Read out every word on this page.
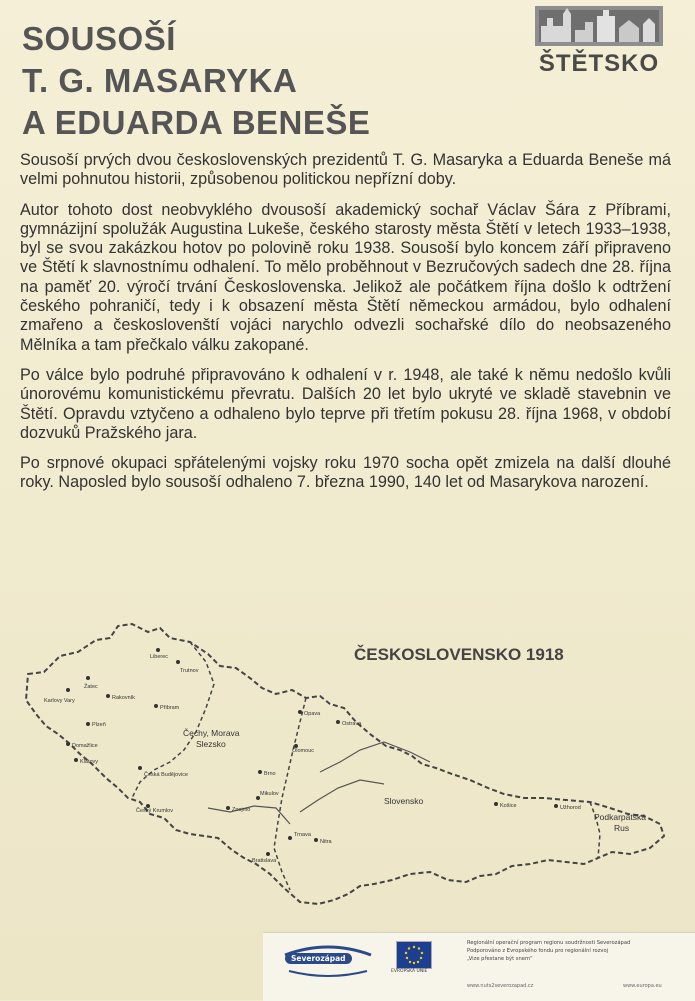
SOUSOŠÍ
T. G. MASARYKA
A EDUARDA BENEŠE
ŠTĚTSKO

Sousoší prvých dvou československých prezidentů T. G. Masaryka a Eduarda Beneše má velmi pohnutou historii, způsobenou politickou nepřízní doby.

Autor tohoto dost neobvyklého dvousoší akademický sochař Václav Šára z Příbrami, gymnázijní spolužák Augustina Lukeše, českého starosty města Štětí v letech 1933–1938, byl se svou zakázkou hotov po polovině roku 1938. Sousoší bylo koncem září připraveno ve Štětí k slavnostnímu odhalení. To mělo proběhnout v Bezručových sadech dne 28. října na paměť 20. výročí trvání Československa. Jelikož ale počátkem října došlo k odtržení českého pohraničí, tedy i k obsazení města Štětí německou armádou, bylo odhalení zmařeno a českoslovenští vojáci narychlo odvezli sochařské dílo do neobsazeného Mělníka a tam přečkalo válku zakopané.

Po válce bylo podruhé připravováno k odhalení v r. 1948, ale také k němu nedošlo kvůli únorovému komunistickému převratu. Dalších 20 let bylo ukryté ve skladě stavebnin ve Štětí. Opravdu vztyčeno a odhaleno bylo teprve při třetím pokusu 28. října 1968, v období dozvuků Pražského jara.

Po srpnové okupaci spřátelenými vojsky roku 1970 socha opět zmizela na další dlouhé roky. Naposled bylo sousoší odhaleno 7. března 1990, 140 let od Masarykova narození.

Liberec
Trutnov
Žatec
Karlovy Vary	Rakovník
Přibram
Plzeň
Domažlice
Klatovy
Česká Budějovice
Český Krumlov	Znojmo
Mikulov
Brno
Opava
Ostrava
Olomouc
Trnava
Bratislava
Nitra
Košice	Užhorod
Čechy, Morava Slezsko
Slovensko
Podkarpatská Rus
ČESKOSLOVENSKO 1918
Severozápad
EVROPSKÁ UNIE
Regionální operační program regionu soudržnosti Severozápad
Podporováno z Evropského fondu pro regionální rozvoj
„Vize přestane být snem“
www.nuts2severozapad.cz	www.europa.eu
